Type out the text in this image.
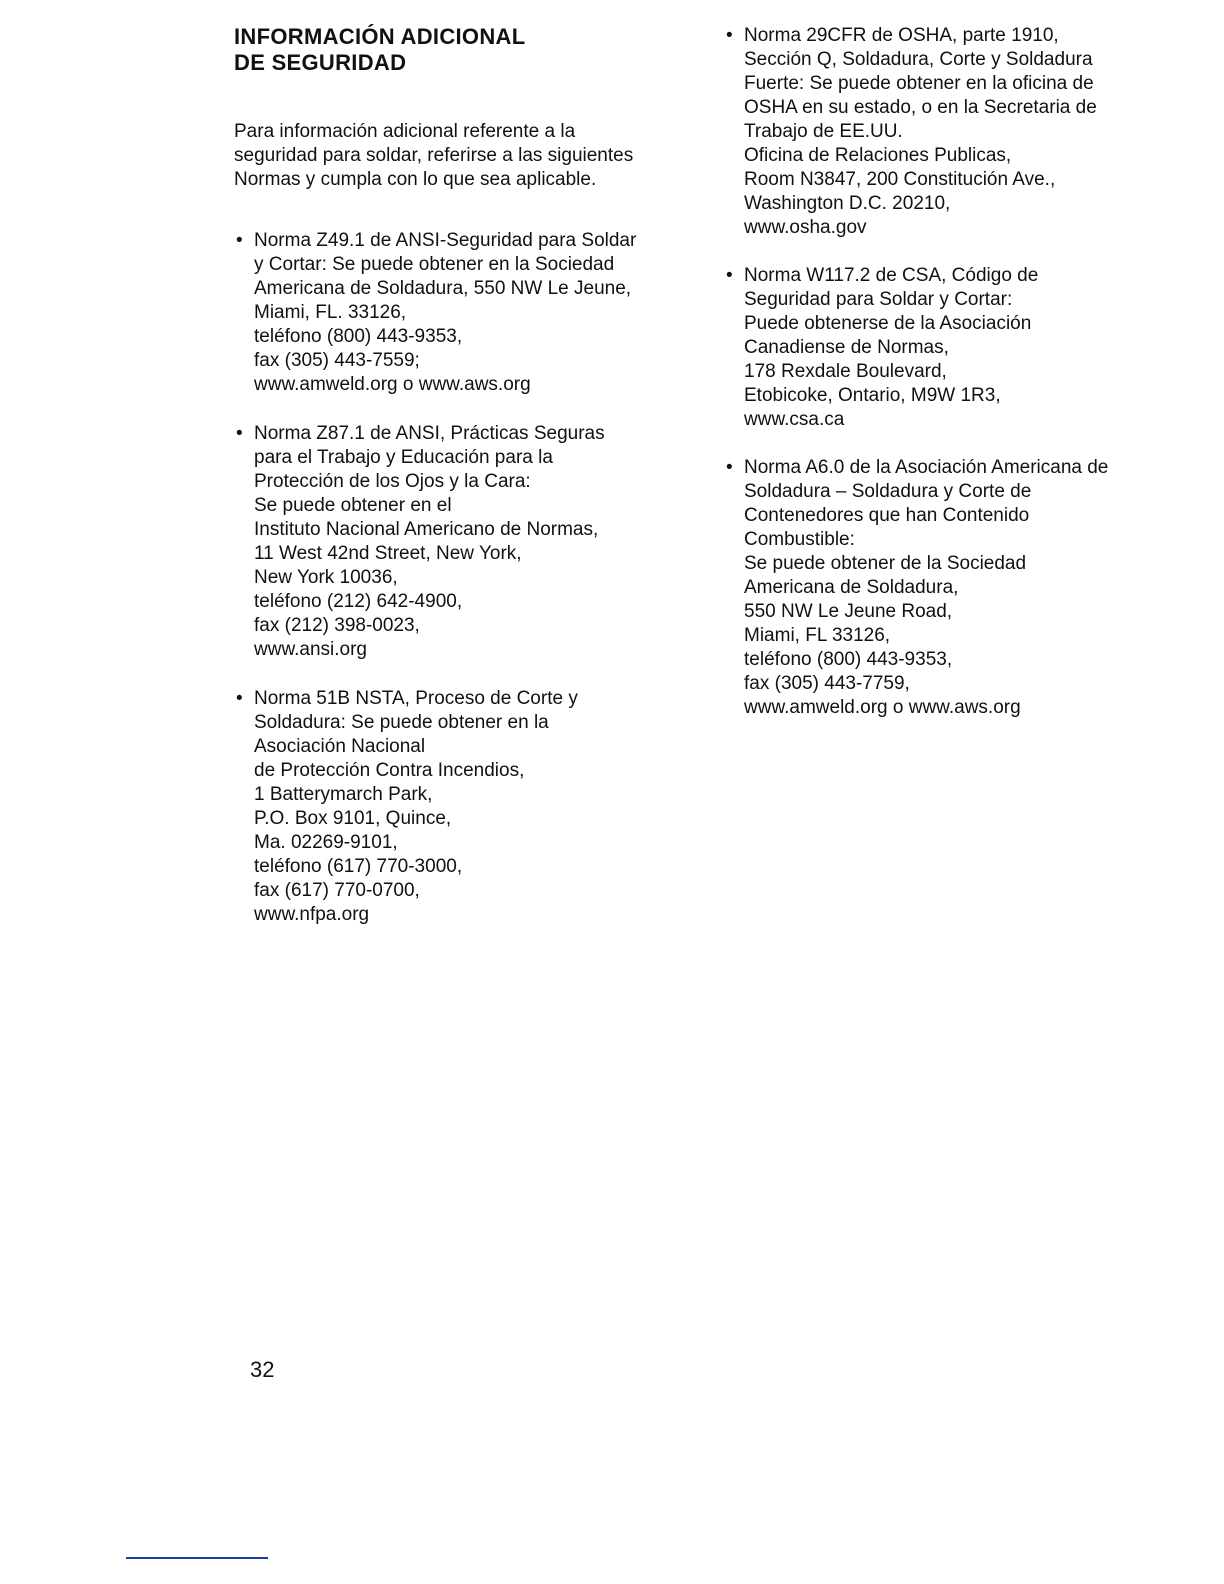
INFORMACIÓN ADICIONAL
DE SEGURIDAD
Para información adicional referente a la
seguridad para soldar, referirse a las siguientes
Normas y cumpla con lo que sea aplicable.
• Norma Z49.1 de ANSI-Seguridad para Soldar
y Cortar: Se puede obtener en la Sociedad
Americana de Soldadura, 550 NW Le Jeune,
Miami, FL. 33126,
teléfono (800) 443-9353,
fax (305) 443-7559;
www.amweld.org o www.aws.org
• Norma Z87.1 de ANSI, Prácticas Seguras
para el Trabajo y Educación para la
Protección de los Ojos y la Cara:
Se puede obtener en el
Instituto Nacional Americano de Normas,
11 West 42nd Street, New York,
New York 10036,
teléfono (212) 642-4900,
fax (212) 398-0023,
www.ansi.org
• Norma 51B NSTA, Proceso de Corte y
Soldadura: Se puede obtener en la
Asociación Nacional
de Protección Contra Incendios,
1 Batterymarch Park,
P.O. Box 9101, Quince,
Ma. 02269-9101,
teléfono (617) 770-3000,
fax (617) 770-0700,
www.nfpa.org
• Norma 29CFR de OSHA, parte 1910,
Sección Q, Soldadura, Corte y Soldadura
Fuerte: Se puede obtener en la oficina de
OSHA en su estado, o en la Secretaria de
Trabajo de EE.UU.
Oficina de Relaciones Publicas,
Room N3847, 200 Constitución Ave.,
Washington D.C. 20210,
www.osha.gov
• Norma W117.2 de CSA, Código de
Seguridad para Soldar y Cortar:
Puede obtenerse de la Asociación
Canadiense de Normas,
178 Rexdale Boulevard,
Etobicoke, Ontario, M9W 1R3,
www.csa.ca
• Norma A6.0 de la Asociación Americana de
Soldadura – Soldadura y Corte de
Contenedores que han Contenido
Combustible:
Se puede obtener de la Sociedad
Americana de Soldadura,
550 NW Le Jeune Road,
Miami, FL 33126,
teléfono (800) 443-9353,
fax (305) 443-7759,
www.amweld.org o www.aws.org
32
